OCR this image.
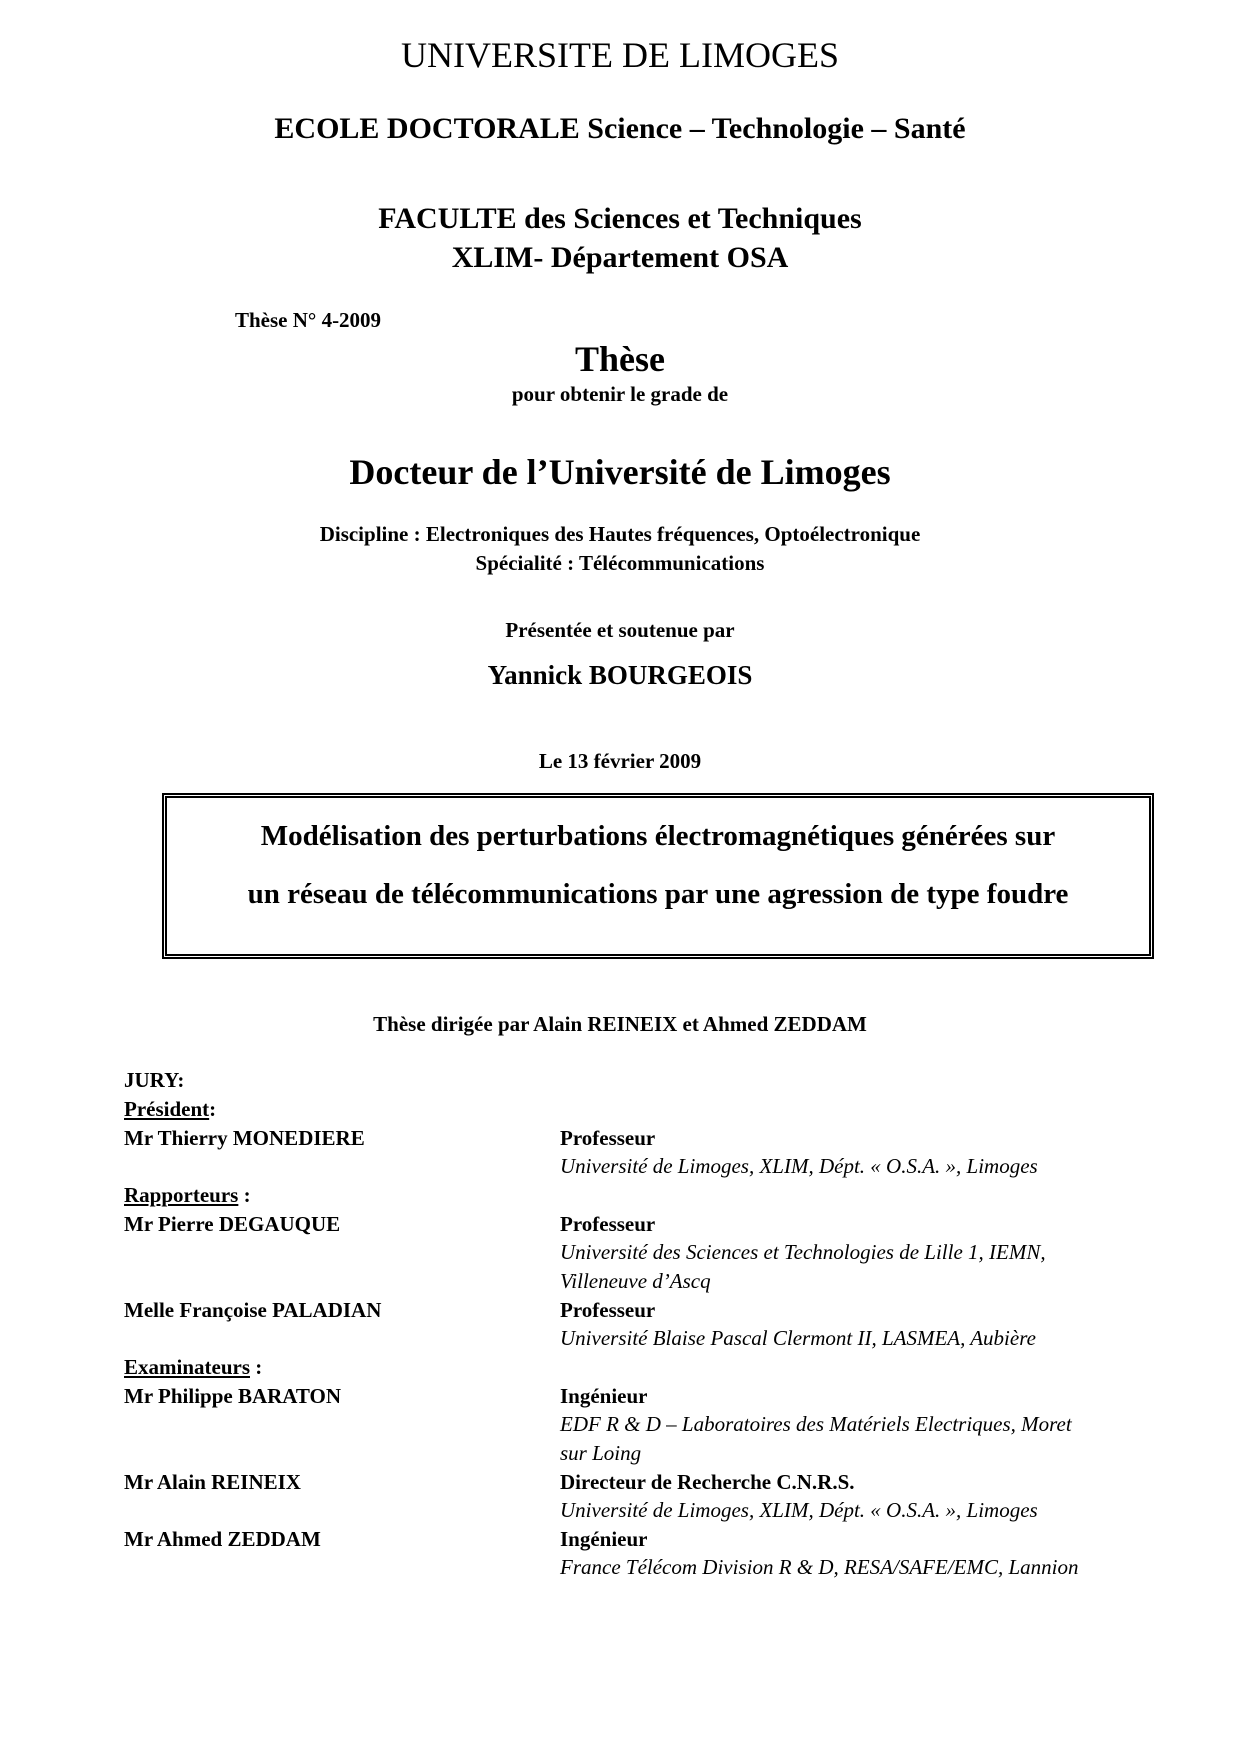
UNIVERSITE DE LIMOGES
ECOLE DOCTORALE Science – Technologie – Santé
FACULTE des Sciences et Techniques
XLIM- Département OSA
Thèse N° 4-2009
Thèse
pour obtenir le grade de
Docteur de l’Université de Limoges
Discipline : Electroniques des Hautes fréquences, Optoélectronique
Spécialité : Télécommunications
Présentée et soutenue par
Yannick BOURGEOIS
Le 13 février 2009
Modélisation des perturbations électromagnétiques générées sur
un réseau de télécommunications par une agression de type foudre
Thèse dirigée par Alain REINEIX et Ahmed ZEDDAM
JURY:
Président:
Mr Thierry MONEDIERE	Professeur
Université de Limoges, XLIM, Dépt. « O.S.A. », Limoges
Rapporteurs :
Mr Pierre DEGAUQUE	Professeur
Université des Sciences et Technologies de Lille 1, IEMN,
Villeneuve d’Ascq
Melle Françoise PALADIAN	Professeur
Université Blaise Pascal Clermont II, LASMEA, Aubière
Examinateurs :
Mr Philippe BARATON	Ingénieur
EDF R & D – Laboratoires des Matériels Electriques, Moret
sur Loing
Mr Alain REINEIX	Directeur de Recherche C.N.R.S.
Université de Limoges, XLIM, Dépt. « O.S.A. », Limoges
Mr Ahmed ZEDDAM	Ingénieur
France Télécom Division R & D, RESA/SAFE/EMC, Lannion
